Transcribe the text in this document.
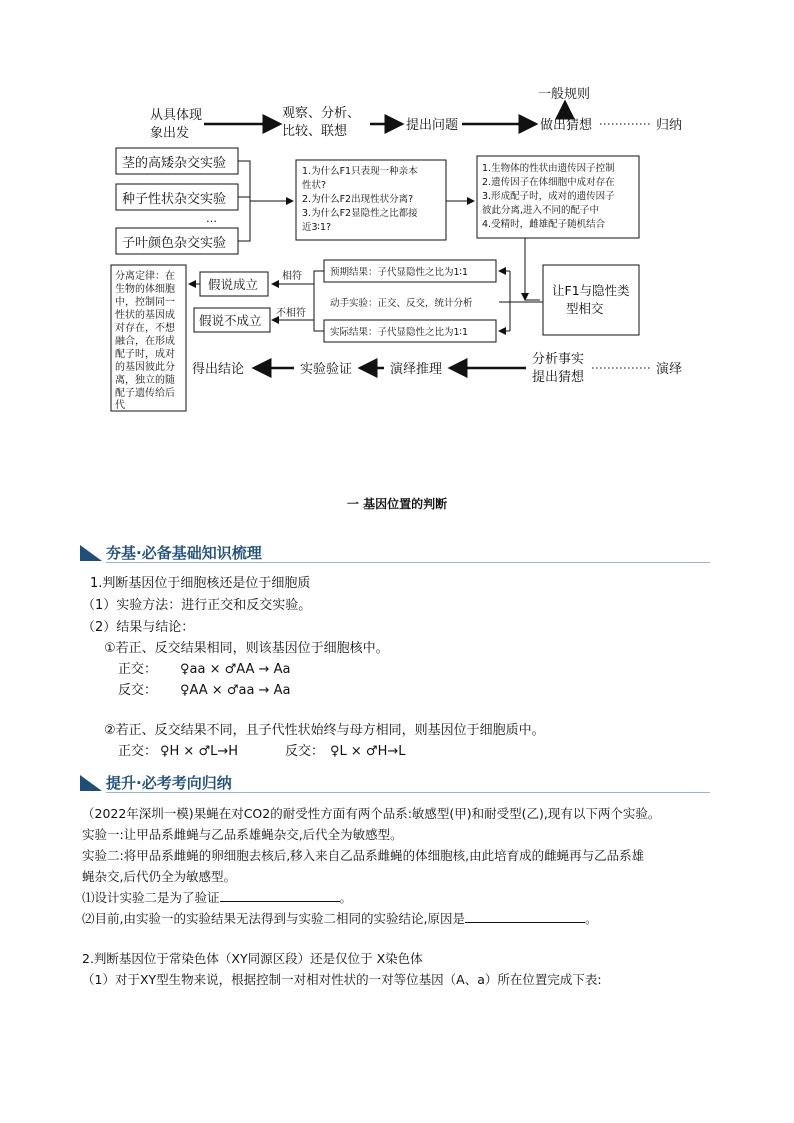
从具体现
象出发
观察、分析、
比较、联想	提出问题	做出猜想
一般规则
归纳
茎的高矮杂交实验
种子性状杂交实验
…
子叶颜色杂交实验
1.为什么F1只表现一种亲本
性状?
2.为什么F2出现性状分离?
3.为什么F2显隐性之比都接
近3∶1?
1.生物体的性状由遗传因子控制
2.遗传因子在体细胞中成对存在
3.形成配子时，成对的遗传因子
彼此分离,进入不同的配子中
4.受精时，雌雄配子随机结合
让F1与隐性类
型相交
预期结果：子代显隐性之比为1∶1
动手实验：正交、反交，统计分析
实际结果：子代显隐性之比为1∶1
相符
不相符
假说成立
假说不成立
分离定律：在
生物的体细胞
中，控制同一
性状的基因成
对存在，不想
融合，在形成
配子时，成对
的基因彼此分
离，独立的随
配子遗传给后
代
得出结论	实验验证	演绎推理
分析事实
提出猜想
演绎
一 基因位置的判断
夯基·必备基础知识梳理
1.判断基因位于细胞核还是位于细胞质
（1）实验方法：进行正交和反交实验。
（2）结果与结论：
①若正、反交结果相同，则该基因位于细胞核中。
正交： ♀aa × ♂AA → Aa
反交： ♀AA × ♂aa → Aa
②若正、反交结果不同，且子代性状始终与母方相同，则基因位于细胞质中。
正交： ♀H × ♂L→H	反交： ♀L × ♂H→L
提升·必考考向归纳
（2022年深圳一模)果蝇在对CO2的耐受性方面有两个品系:敏感型(甲)和耐受型(乙),现有以下两个实验。
实验一:让甲品系雌蝇与乙品系雄蝇杂交,后代全为敏感型。
实验二:将甲品系雌蝇的卵细胞去核后,移入来自乙品系雌蝇的体细胞核,由此培育成的雌蝇再与乙品系雄
蝇杂交,后代仍全为敏感型。
⑴设计实验二是为了验证	。
⑵目前,由实验一的实验结果无法得到与实验二相同的实验结论,原因是	。
2.判断基因位于常染色体（XY同源区段）还是仅位于 X染色体
（1）对于XY型生物来说，根据控制一对相对性状的一对等位基因（A、a）所在位置完成下表:
